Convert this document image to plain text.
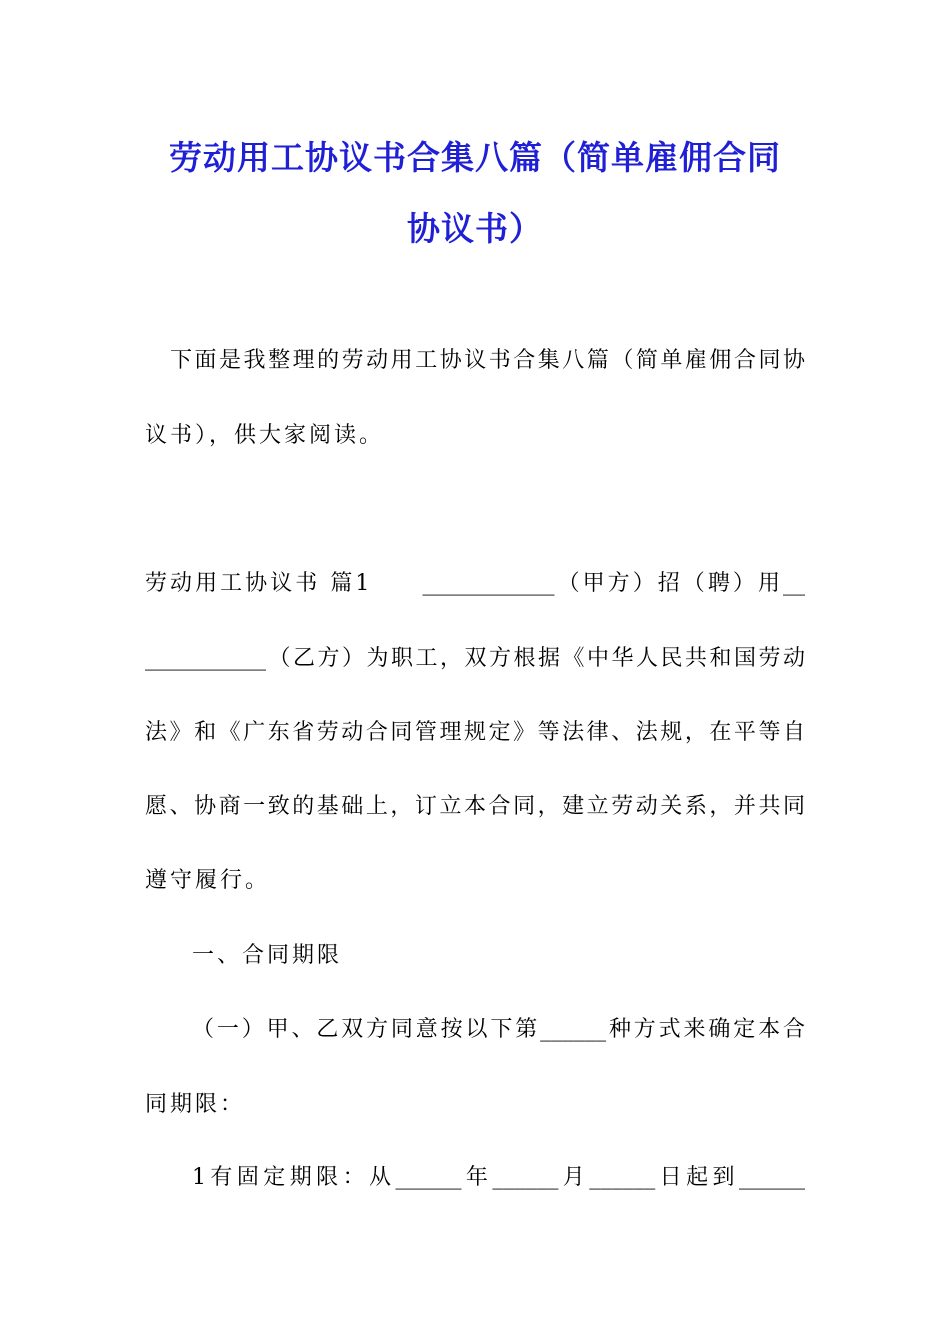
劳动用工协议书合集八篇（简单雇佣合同
协议书）
下面是我整理的劳动用工协议书合集八篇（简单雇佣合同协
议书），供大家阅读。
劳动用工协议书 篇1　　____________（甲方）招（聘）用__
___________（乙方）为职工，双方根据《中华人民共和国劳动
法》和《广东省劳动合同管理规定》等法律、法规，在平等自
愿、协商一致的基础上，订立本合同，建立劳动关系，并共同
遵守履行。
一、合同期限
（一）甲、乙双方同意按以下第______种方式来确定本合
同期限：
1有固定期限：从______年______月______日起到______
